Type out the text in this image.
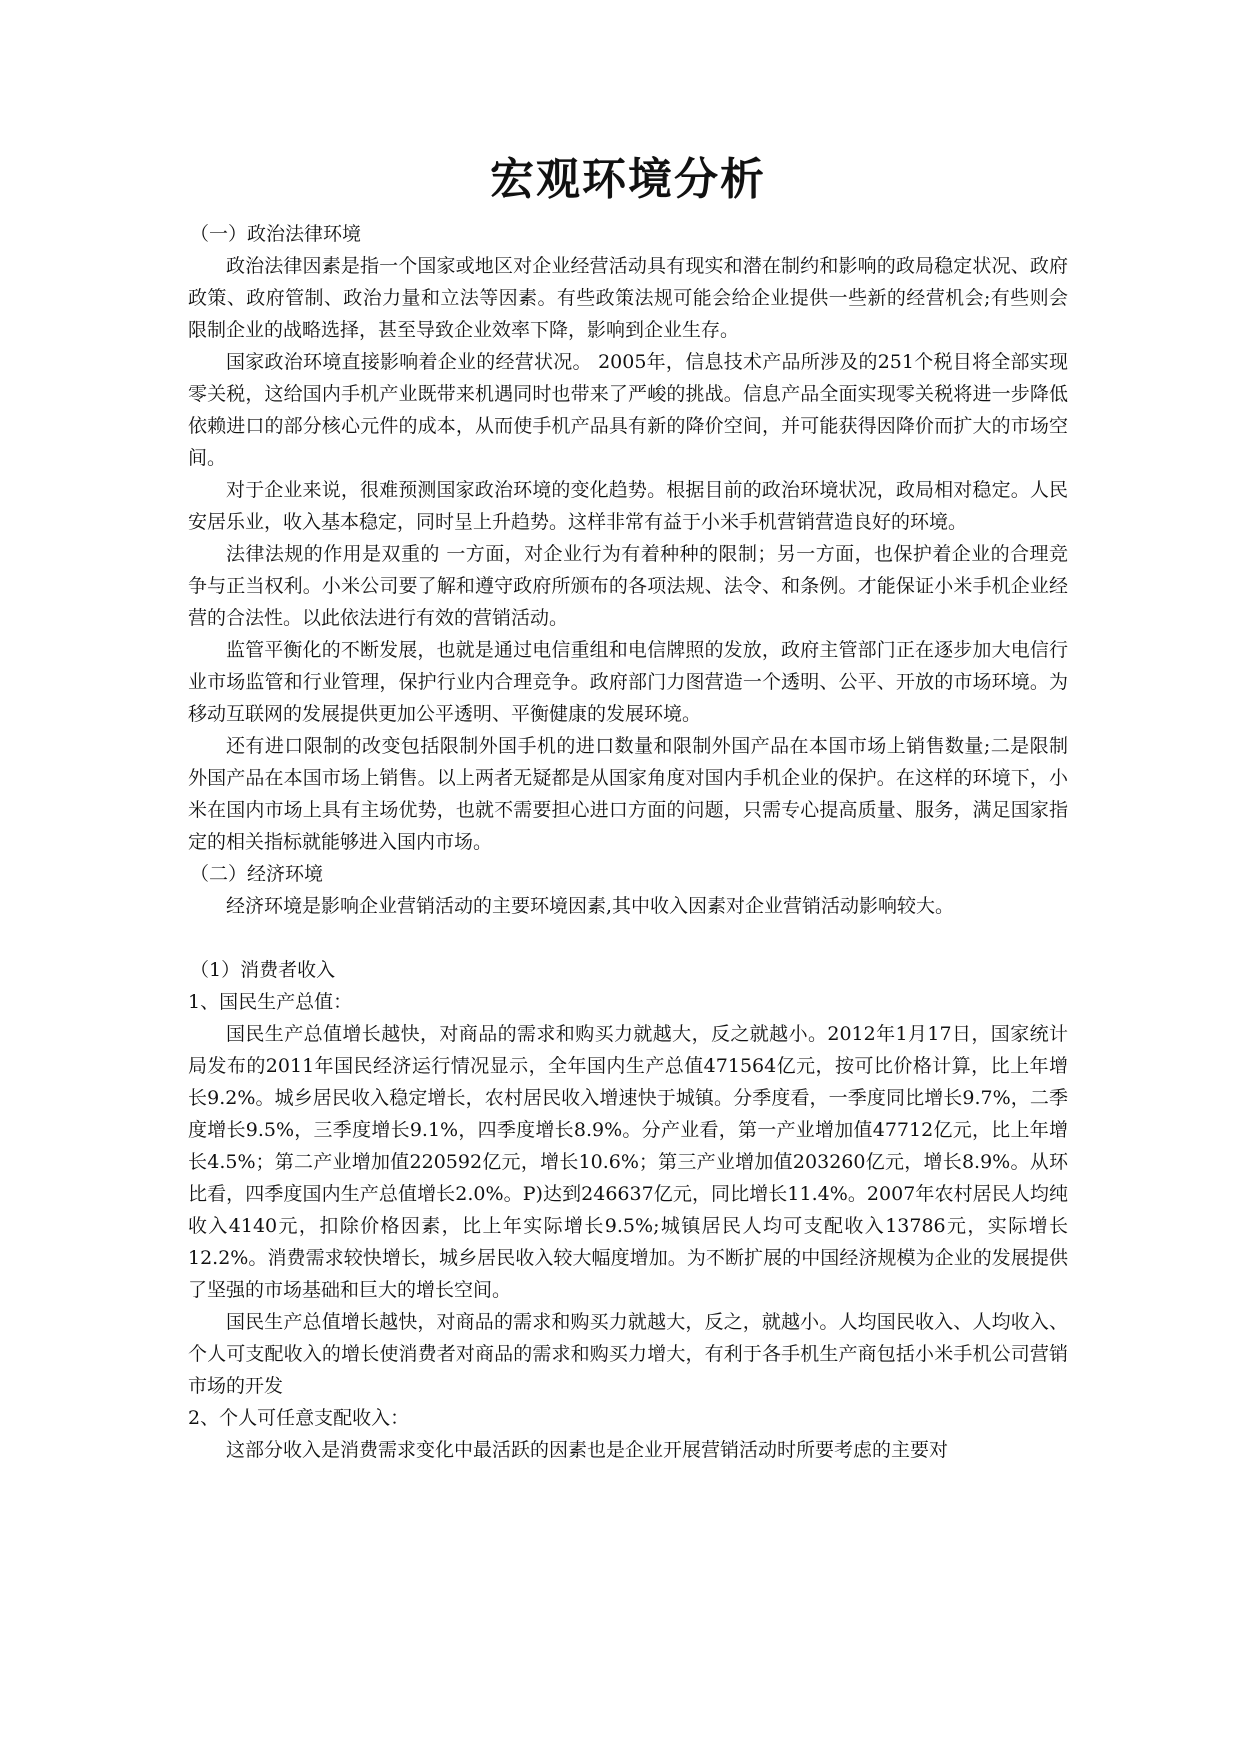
宏观环境分析

（一）政治法律环境

政治法律因素是指一个国家或地区对企业经营活动具有现实和潜在制约和影响的政局稳定状况、政府政策、政府管制、政治力量和立法等因素。有些政策法规可能会给企业提供一些新的经营机会;有些则会限制企业的战略选择，甚至导致企业效率下降，影响到企业生存。

国家政治环境直接影响着企业的经营状况。 2005年，信息技术产品所涉及的251个税目将全部实现零关税，这给国内手机产业既带来机遇同时也带来了严峻的挑战。信息产品全面实现零关税将进一步降低依赖进口的部分核心元件的成本，从而使手机产品具有新的降价空间，并可能获得因降价而扩大的市场空间。

对于企业来说，很难预测国家政治环境的变化趋势。根据目前的政治环境状况，政局相对稳定。人民安居乐业，收入基本稳定，同时呈上升趋势。这样非常有益于小米手机营销营造良好的环境。

法律法规的作用是双重的 一方面，对企业行为有着种种的限制；另一方面，也保护着企业的合理竞争与正当权利。小米公司要了解和遵守政府所颁布的各项法规、法令、和条例。才能保证小米手机企业经营的合法性。以此依法进行有效的营销活动。

监管平衡化的不断发展，也就是通过电信重组和电信牌照的发放，政府主管部门正在逐步加大电信行业市场监管和行业管理，保护行业内合理竞争。政府部门力图营造一个透明、公平、开放的市场环境。为移动互联网的发展提供更加公平透明、平衡健康的发展环境。

还有进口限制的改变包括限制外国手机的进口数量和限制外国产品在本国市场上销售数量;二是限制外国产品在本国市场上销售。以上两者无疑都是从国家角度对国内手机企业的保护。在这样的环境下，小米在国内市场上具有主场优势，也就不需要担心进口方面的问题，只需专心提高质量、服务，满足国家指定的相关指标就能够进入国内市场。

（二）经济环境

经济环境是影响企业营销活动的主要环境因素,其中收入因素对企业营销活动影响较大。

（1）消费者收入

1、国民生产总值：

国民生产总值增长越快，对商品的需求和购买力就越大，反之就越小。2012年1月17日，国家统计局发布的2011年国民经济运行情况显示，全年国内生产总值471564亿元，按可比价格计算，比上年增长9.2%。城乡居民收入稳定增长，农村居民收入增速快于城镇。分季度看，一季度同比增长9.7%，二季度增长9.5%，三季度增长9.1%，四季度增长8.9%。分产业看，第一产业增加值47712亿元，比上年增长4.5%；第二产业增加值220592亿元，增长10.6%；第三产业增加值203260亿元，增长8.9%。从环比看，四季度国内生产总值增长2.0%。P)达到246637亿元，同比增长11.4%。2007年农村居民人均纯收入4140元，扣除价格因素，比上年实际增长9.5%;城镇居民人均可支配收入13786元，实际增长12.2%。消费需求较快增长，城乡居民收入较大幅度增加。为不断扩展的中国经济规模为企业的发展提供了坚强的市场基础和巨大的增长空间。

国民生产总值增长越快，对商品的需求和购买力就越大，反之，就越小。人均国民收入、人均收入、个人可支配收入的增长使消费者对商品的需求和购买力增大，有利于各手机生产商包括小米手机公司营销市场的开发

2、个人可任意支配收入：

这部分收入是消费需求变化中最活跃的因素也是企业开展营销活动时所要考虑的主要对
